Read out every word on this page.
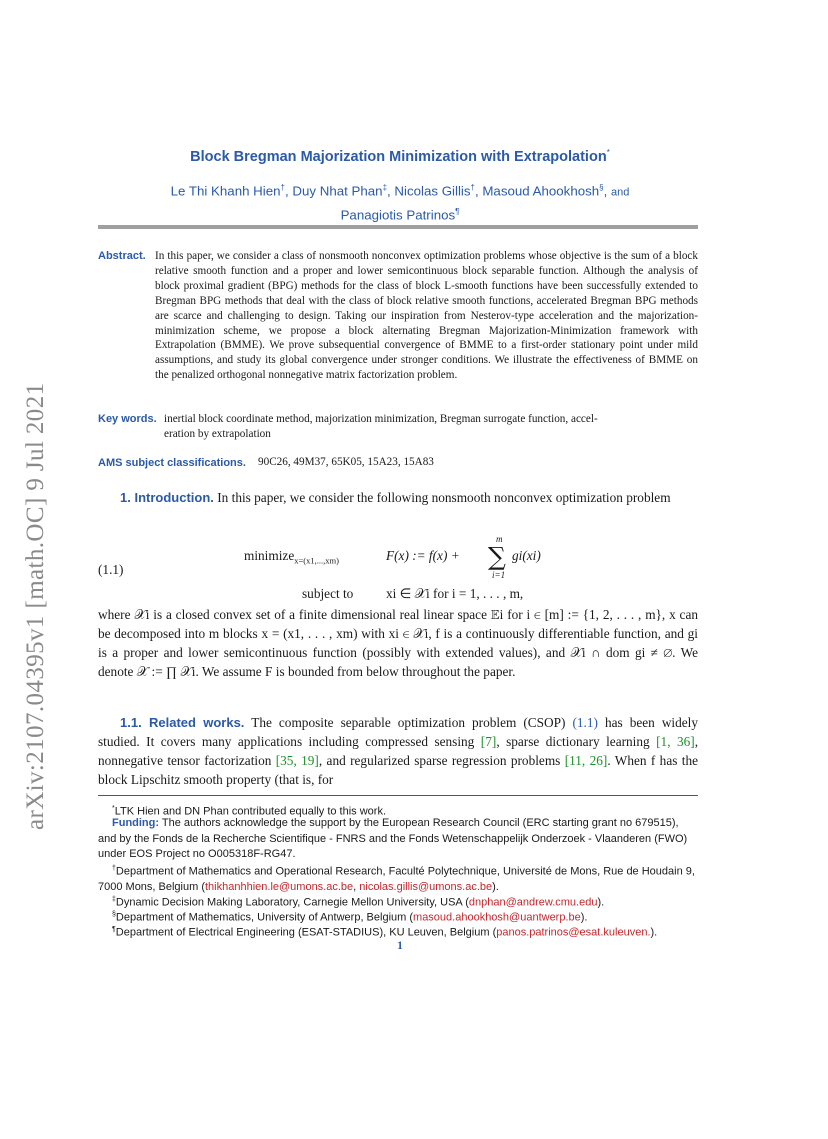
arXiv:2107.04395v1 [math.OC] 9 Jul 2021
Block Bregman Majorization Minimization with Extrapolation*
Le Thi Khanh Hien†, Duy Nhat Phan‡, Nicolas Gillis†, Masoud Ahookhosh§, and
Panagiotis Patrinos¶
Abstract. In this paper, we consider a class of nonsmooth nonconvex optimization problems whose objective is the sum of a block relative smooth function and a proper and lower semicontinuous block separable function. Although the analysis of block proximal gradient (BPG) methods for the class of block L-smooth functions have been successfully extended to Bregman BPG methods that deal with the class of block relative smooth functions, accelerated Bregman BPG methods are scarce and challenging to design. Taking our inspiration from Nesterov-type acceleration and the majorization-minimization scheme, we propose a block alternating Bregman Majorization-Minimization framework with Extrapolation (BMME). We prove subsequential convergence of BMME to a first-order stationary point under mild assumptions, and study its global convergence under stronger conditions. We illustrate the effectiveness of BMME on the penalized orthogonal nonnegative matrix factorization problem.

inertial block coordinate method, majorization minimization, Bregman surrogate function, accel-
eration by extrapolation

Key words.
AMS subject classifications. 90C26, 49M37, 65K05, 15A23, 15A83

1. Introduction. In this paper, we consider the following nonsmooth nonconvex optimization problem

(1.1)
minimize$_{x=(x1,...,xm)}$	F(x) := f(x) +
m
∑
i=1
gi(xi)
subject to xi ∈ 𝒳i for i = 1, . . . , m,

where 𝒳i is a closed convex set of a finite dimensional real linear space 𝔼i for i ∈ [m] := {1, 2, . . . , m}, x can be decomposed into m blocks x = (x1, . . . , xm) with xi ∈ 𝒳i, f is a continuously differentiable function, and gi is a proper and lower semicontinuous function (possibly with extended values), and 𝒳i ∩ dom gi ≠ ∅. We denote 𝒳 := ∏ 𝒳i. We assume F is bounded from below throughout the paper.

1.1. Related works. The composite separable optimization problem (CSOP) (1.1) has been widely studied. It covers many applications including compressed sensing [7], sparse dictionary learning [1, 36], nonnegative tensor factorization [35, 19], and regularized sparse regression problems [11, 26]. When f has the block Lipschitz smooth property (that is, for

*LTK Hien and DN Phan contributed equally to this work.

Funding: The authors acknowledge the support by the European Research Council (ERC starting grant no 679515), and by the Fonds de la Recherche Scientifique - FNRS and the Fonds Wetenschappelijk Onderzoek - Vlaanderen (FWO) under EOS Project no O005318F-RG47.

†Department of Mathematics and Operational Research, Faculté Polytechnique, Université de Mons, Rue de Houdain 9, 7000 Mons, Belgium (thikhanhhien.le@umons.ac.be, nicolas.gillis@umons.ac.be).

‡Dynamic Decision Making Laboratory, Carnegie Mellon University, USA (dnphan@andrew.cmu.edu).

§Department of Mathematics, University of Antwerp, Belgium (masoud.ahookhosh@uantwerp.be).

¶Department of Electrical Engineering (ESAT-STADIUS), KU Leuven, Belgium (panos.patrinos@esat.kuleuven.).

1
